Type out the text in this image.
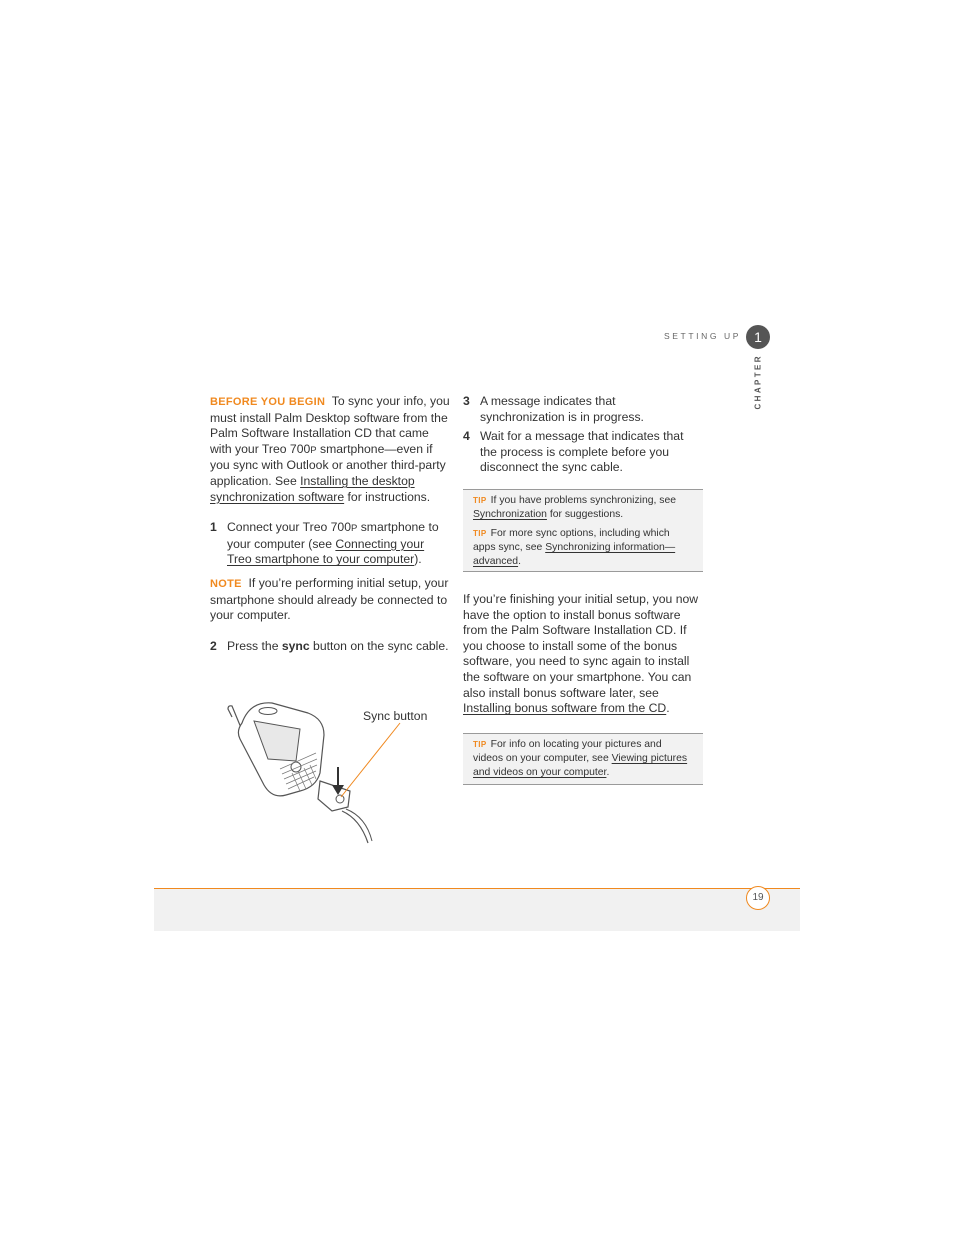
SETTING UP 1
CHAPTER

BEFORE YOU BEGIN To sync your info, you must install Palm Desktop software from the Palm Software Installation CD that came with your Treo 700P smartphone—even if you sync with Outlook or another third-party application. See Installing the desktop synchronization software for instructions.

1 Connect your Treo 700P smartphone to your computer (see Connecting your Treo smartphone to your computer).

NOTE If you’re performing initial setup, your smartphone should already be connected to your computer.

2 Press the sync button on the sync cable.
Sync button
3 A message indicates that synchronization is in progress.
4 Wait for a message that indicates that the process is complete before you disconnect the sync cable.

TIP If you have problems synchronizing, see Synchronization for suggestions.

TIP For more sync options, including which apps sync, see Synchronizing information—advanced.

If you’re finishing your initial setup, you now have the option to install bonus software from the Palm Software Installation CD. If you choose to install some of the bonus software, you need to sync again to install the software on your smartphone. You can also install bonus software later, see Installing bonus software from the CD.

TIP For info on locating your pictures and videos on your computer, see Viewing pictures and videos on your computer.

19
